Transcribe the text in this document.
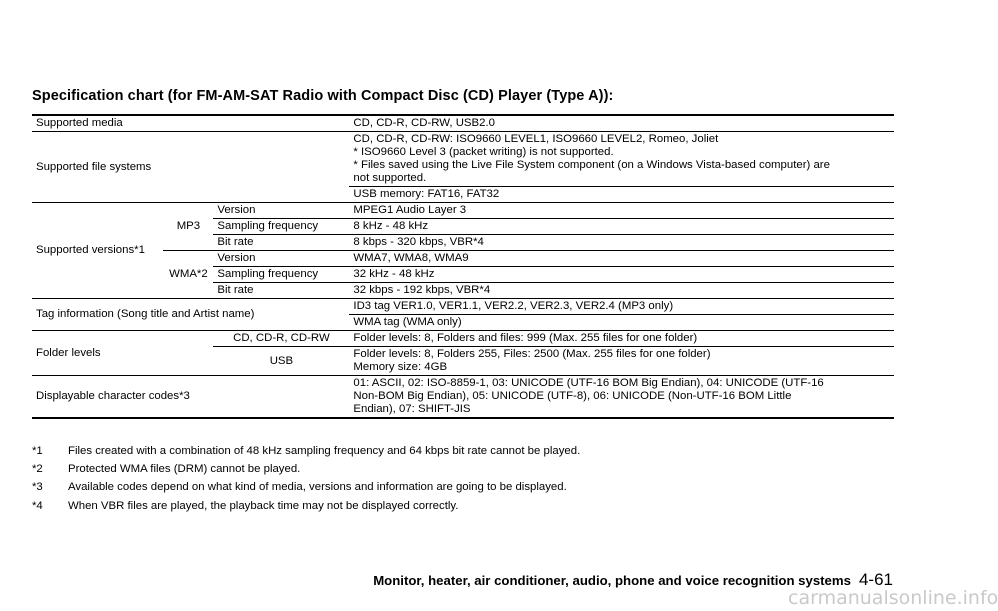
Specification chart (for FM-AM-SAT Radio with Compact Disc (CD) Player (Type A)):
Supported media			CD, CD-R, CD-RW, USB2.0
Supported file systems			CD, CD-R, CD-RW: ISO9660 LEVEL1, ISO9660 LEVEL2, Romeo, Joliet
* ISO9660 Level 3 (packet writing) is not supported.
* Files saved using the Live File System component (on a Windows Vista-based computer) are
not supported.

			USB memory: FAT16, FAT32
Supported versions*1	MP3	Version	MPEG1 Audio Layer 3
		Sampling frequency	8 kHz - 48 kHz
		Bit rate	8 kbps - 320 kbps, VBR*4
	WMA*2	Version	WMA7, WMA8, WMA9
		Sampling frequency	32 kHz - 48 kHz
		Bit rate	32 kbps - 192 kbps, VBR*4
Tag information (Song title and Artist name)			ID3 tag VER1.0, VER1.1, VER2.2, VER2.3, VER2.4 (MP3 only)
			WMA tag (WMA only)
Folder levels		CD, CD-R, CD-RW	Folder levels: 8, Folders and files: 999 (Max. 255 files for one folder)
		USB	Folder levels: 8, Folders 255, Files: 2500 (Max. 255 files for one folder)
Memory size: 4GB

Displayable character codes*3			01: ASCII, 02: ISO-8859-1, 03: UNICODE (UTF-16 BOM Big Endian), 04: UNICODE (UTF-16
Non-BOM Big Endian), 05: UNICODE (UTF-8), 06: UNICODE (Non-UTF-16 BOM Little
Endian), 07: SHIFT-JIS
*1	Files created with a combination of 48 kHz sampling frequency and 64 kbps bit rate cannot be played.
*2	Protected WMA files (DRM) cannot be played.
*3	Available codes depend on what kind of media, versions and information are going to be displayed.
*4	When VBR files are played, the playback time may not be displayed correctly.
Monitor, heater, air conditioner, audio, phone and voice recognition systems 4-61
carmanualsonline.info
